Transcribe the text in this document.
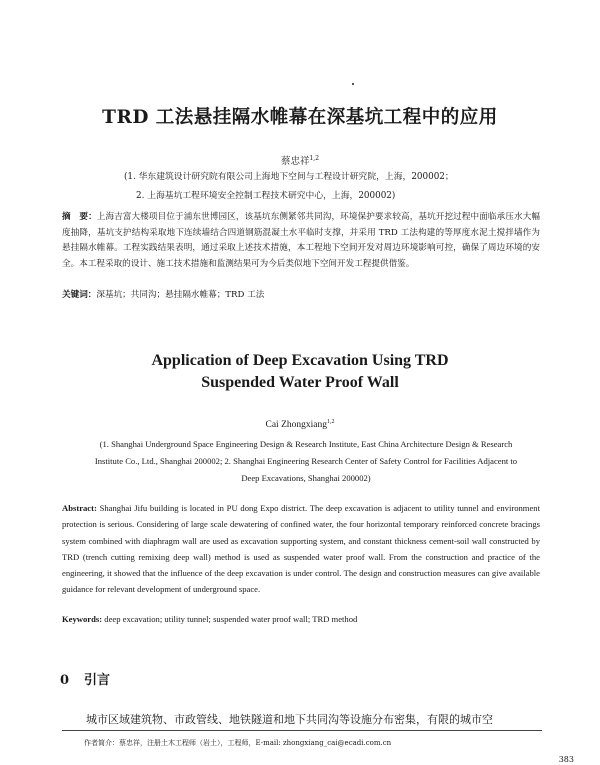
TRD 工法悬挂隔水帷幕在深基坑工程中的应用
蔡忠祥$^{1,2}$
(1. 华东建筑设计研究院有限公司上海地下空间与工程设计研究院，上海，200002；
2. 上海基坑工程环境安全控制工程技术研究中心，上海，200002)
摘　要：上海吉富大楼项目位于浦东世博园区，该基坑东侧紧邻共同沟，环境保护要求较高，基坑开挖过程中面临承压水大幅度抽降，基坑支护结构采取地下连续墙结合四道钢筋混凝土水平临时支撑，并采用 TRD 工法构建的等厚度水泥土搅拌墙作为悬挂隔水帷幕。工程实践结果表明，通过采取上述技术措施，本工程地下空间开发对周边环境影响可控，确保了周边环境的安全。本工程采取的设计、施工技术措施和监测结果可为今后类似地下空间开发工程提供借鉴。
关键词：深基坑；共同沟；悬挂隔水帷幕；TRD 工法
Application of Deep Excavation Using TRD
Suspended Water Proof Wall
Cai Zhongxiang$^{1,2}$
(1. Shanghai Underground Space Engineering Design & Research Institute, East China Architecture Design & Research Institute Co., Ltd., Shanghai 200002; 2. Shanghai Engineering Research Center of Safety Control for Facilities Adjacent to Deep Excavations, Shanghai 200002)
Abstract: Shanghai Jifu building is located in PU dong Expo district. The deep excavation is adjacent to utility tunnel and environment protection is serious. Considering of large scale dewatering of confined water, the four horizontal temporary reinforced concrete bracings system combined with diaphragm wall are used as excavation supporting system, and constant thickness cement-soil wall constructed by TRD (trench cutting remixing deep wall) method is used as suspended water proof wall. From the construction and practice of the engineering, it showed that the influence of the deep excavation is under control. The design and construction measures can give available guidance for relevant development of underground space.
Keywords: deep excavation; utility tunnel; suspended water proof wall; TRD method
0 引言
城市区域建筑物、市政管线、地铁隧道和地下共同沟等设施分布密集，有限的城市空
作者简介：蔡忠祥，注册土木工程师（岩土），工程师，E-mail: zhongxiang_cai@ecadi.com.cn
383
